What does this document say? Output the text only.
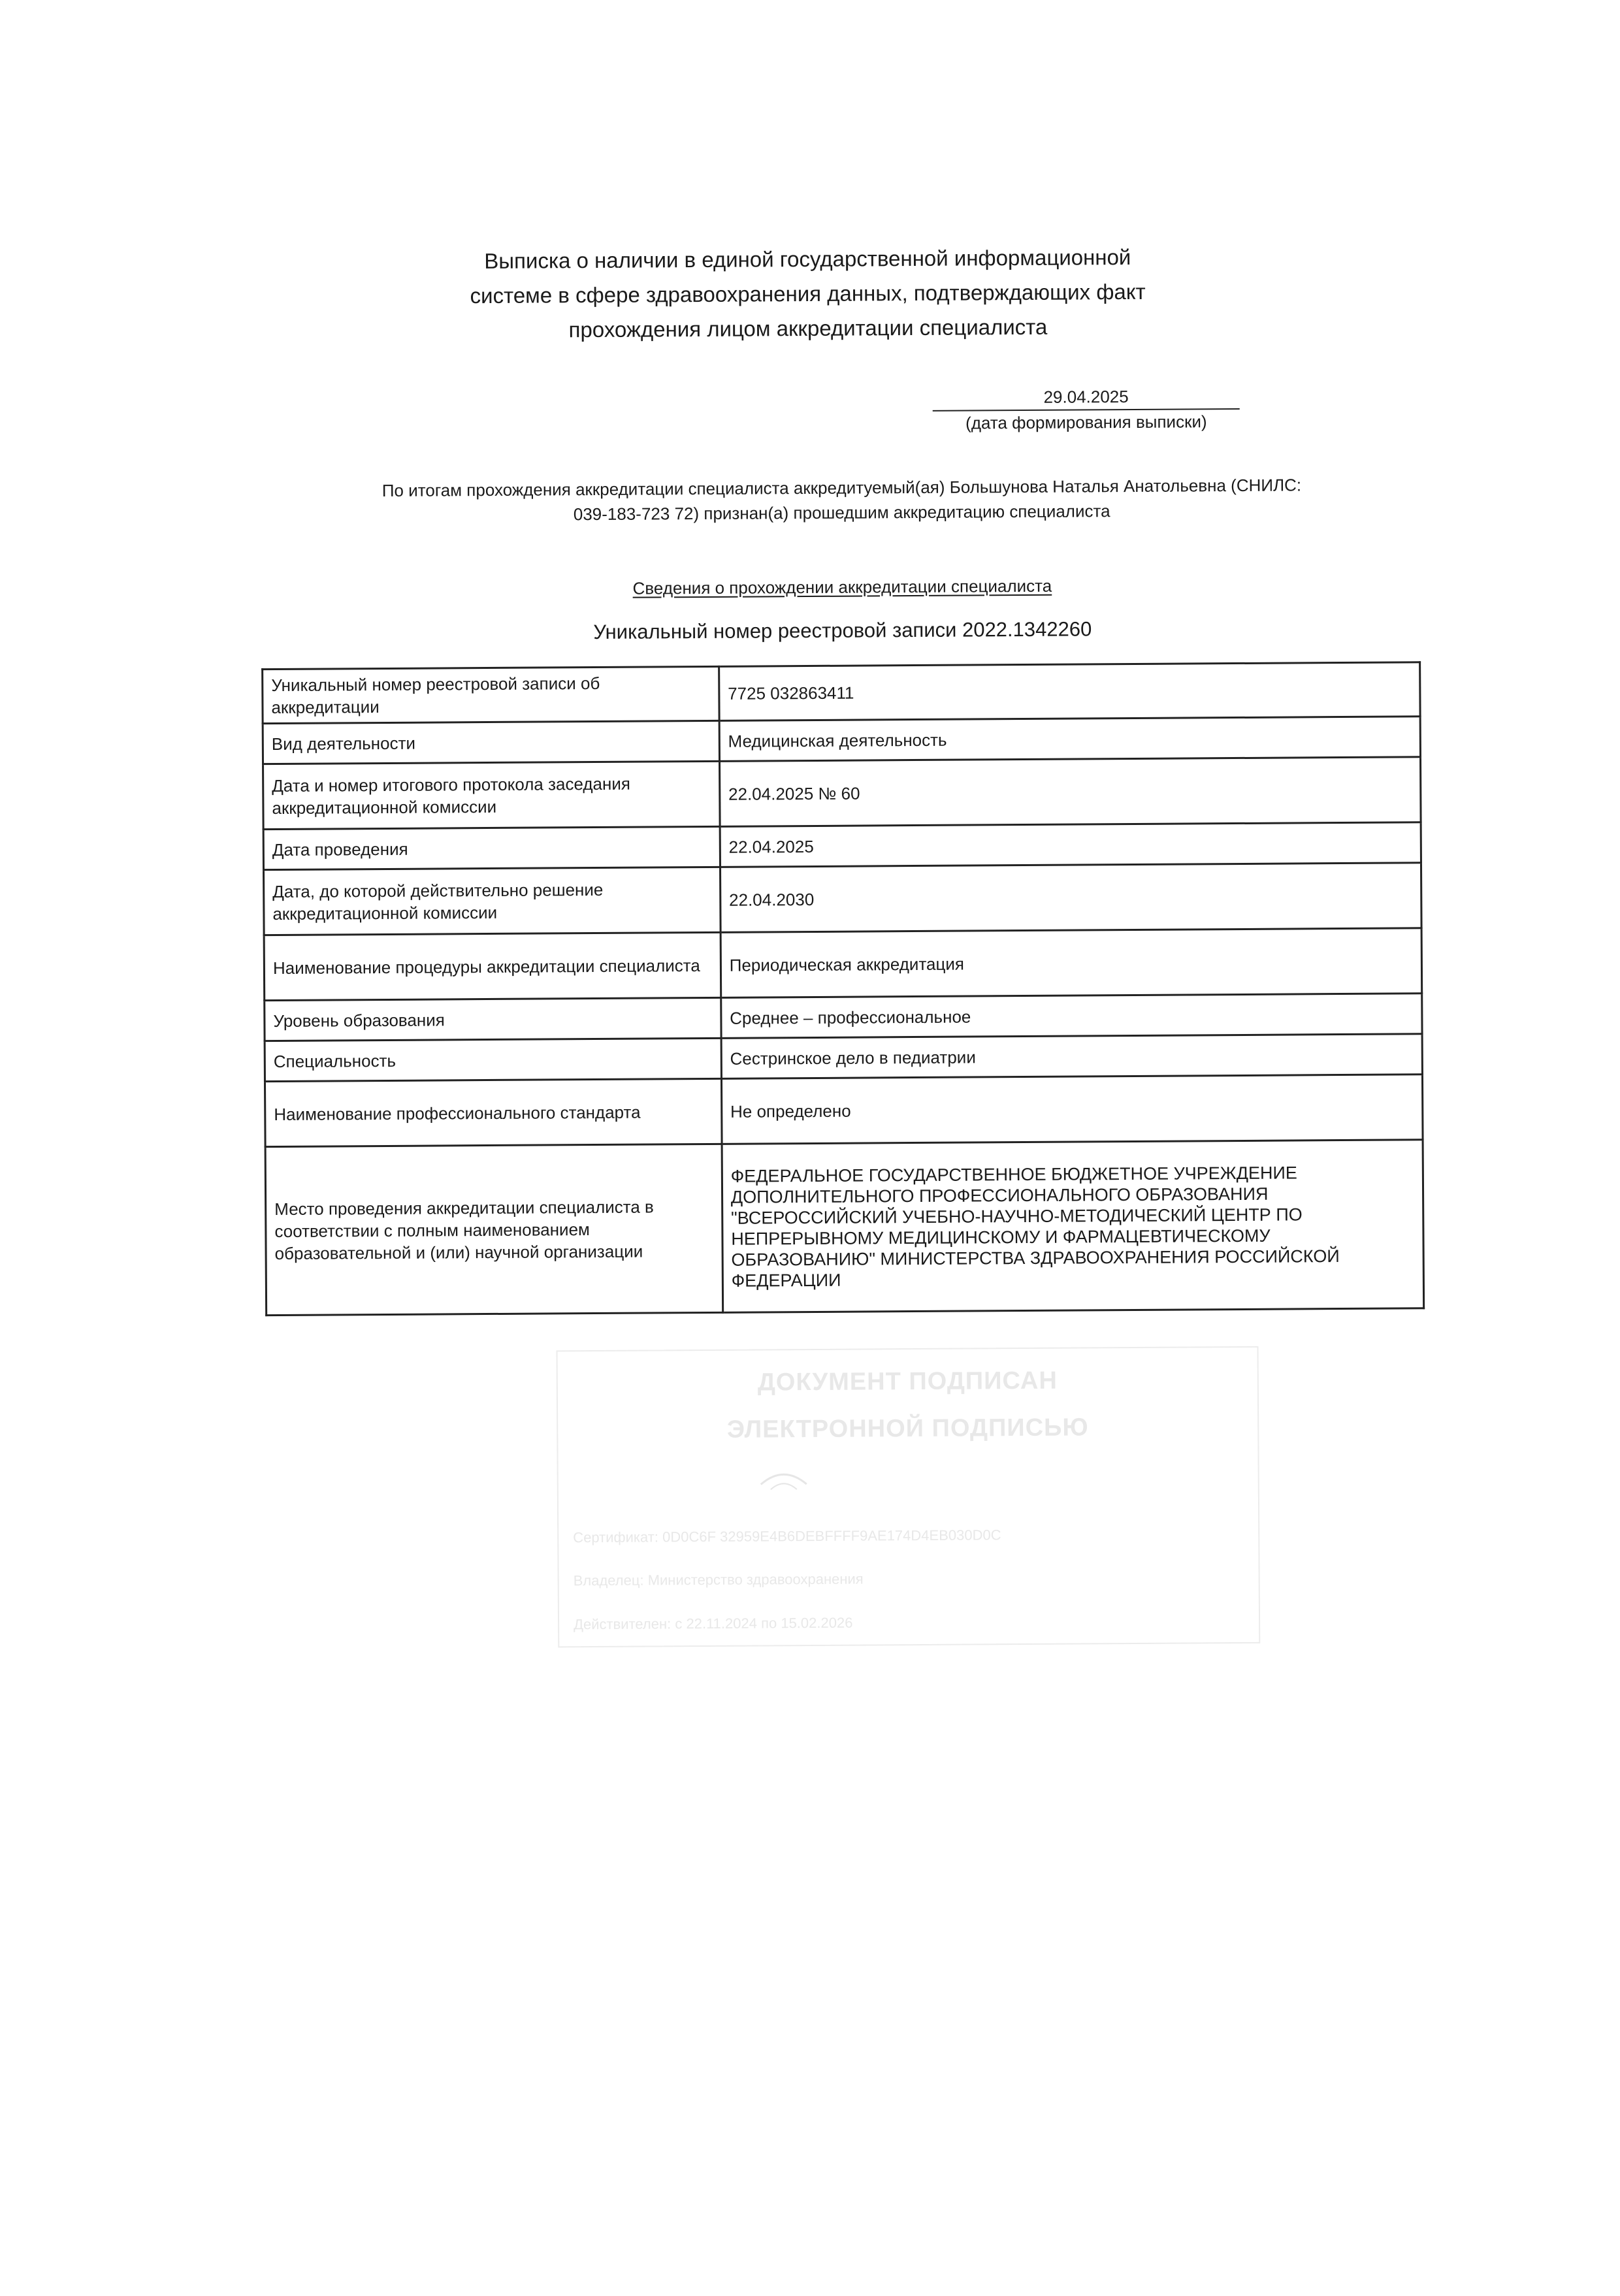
Выписка о наличии в единой государственной информационной
системе в сфере здравоохранения данных, подтверждающих факт
прохождения лицом аккредитации специалиста
29.04.2025
(дата формирования выписки)
По итогам прохождения аккредитации специалиста аккредитуемый(ая) Большунова Наталья Анатольевна (СНИЛС:
039-183-723 72) признан(а) прошедшим аккредитацию специалиста
Сведения о прохождении аккредитации специалиста
Уникальный номер реестровой записи 2022.1342260
Уникальный номер реестровой записи об аккредитации	7725 032863411
Вид деятельности	Медицинская деятельность
Дата и номер итогового протокола заседания аккредитационной комиссии	22.04.2025 № 60
Дата проведения	22.04.2025
Дата, до которой действительно решение аккредитационной комиссии	22.04.2030
Наименование процедуры аккредитации специалиста	Периодическая аккредитация
Уровень образования	Среднее – профессиональное
Специальность	Сестринское дело в педиатрии
Наименование профессионального стандарта	Не определено
Место проведения аккредитации специалиста в соответствии с полным наименованием образовательной и (или) научной организации	ФЕДЕРАЛЬНОЕ ГОСУДАРСТВЕННОЕ БЮДЖЕТНОЕ УЧРЕЖДЕНИЕ ДОПОЛНИТЕЛЬНОГО ПРОФЕССИОНАЛЬНОГО ОБРАЗОВАНИЯ "ВСЕРОССИЙСКИЙ УЧЕБНО-НАУЧНО-МЕТОДИЧЕСКИЙ ЦЕНТР ПО НЕПРЕРЫВНОМУ МЕДИЦИНСКОМУ И ФАРМАЦЕВТИЧЕСКОМУ ОБРАЗОВАНИЮ" МИНИСТЕРСТВА ЗДРАВООХРАНЕНИЯ РОССИЙСКОЙ ФЕДЕРАЦИИ
ДОКУМЕНТ ПОДПИСАН
ЭЛЕКТРОННОЙ ПОДПИСЬЮ
Сертификат: 0D0C6F 32959E4B6DEBFFFF9AE174D4EB030D0C
Владелец: Министерство здравоохранения
Действителен: с 22.11.2024 по 15.02.2026
